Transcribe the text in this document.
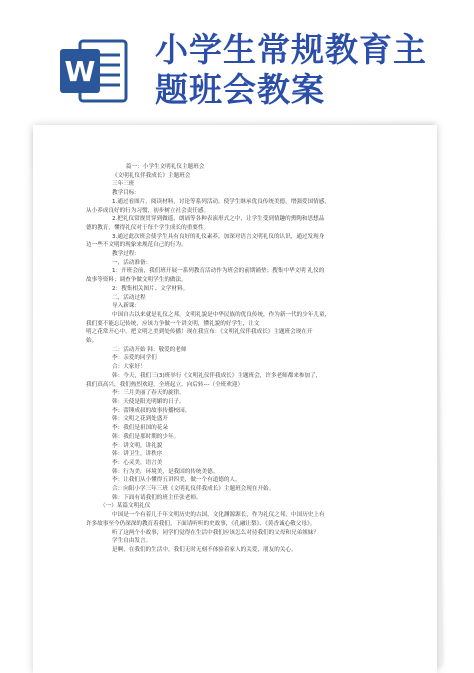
W
小学生常规教育主
题班会教案

篇一：小学生文明礼仪主题班会

《文明礼仪伴我成长》主题班会

三年三班

教学目标：

1.通过看图片，阅读材料，讨论等系列活动，使学生继承优良传统美德，增强爱国情感，

从小养成良好的行为习惯，初步树立社会责任感。

2.把礼仪常规贯穿到做遥，朗诵等各种表演形式之中，让学生受到情趣的熏陶和思想品

德的教育，懂得礼仪对于每个学生成长的重要性。

3.通过此次班会使学生具有良好的礼仪素养，加深对语言文明礼仪的认识，通过发现身

边一些不文明的现象来规范自己的行为。

教学过程：

一，活动准备：

1：开班会前，我们班开展一系列教育活动作为班会的前期铺垫；搜集中华文明 礼仪的

故事等资料；调查争做文明学生的做法。

2：搜集相关图片、文学材料。

二，活动过程

导入新课：

中国自古以来就是礼仪之邦，文明礼貌是中华民族的优良传统，作为新一代的少年儿童，

我们要不能忘记传统，应该力争做一个讲文明，懂礼貌的好学生，让文

明之花常开心中，把文明之美到处传播！现在我宣布：《文明礼仪伴我成长》主题班会现在开

始。

二：活动开始 韩：敬爱的老师

李：亲爱的同学们

合：大家好！

韩：今天，我们三(3)班举行《文明礼仪伴我成长》主题班会，许多老师都来参加了，

我们真高兴，我们热烈欢迎，全班起立，向后转---（全班欢迎）

李：三月美丽了春天的旋律。

韩：天使是阳光明媚的日子。

李：蕾锤成叔的故事传播校园。

韩：文明之花到处盛开

李：我们是祖国的花朵

韩：我们是那时期的少年。

李：讲文明，讲礼貌

韩：讲卫生，讲秩序

李：心灵美，语言美

韩：行为美，环境美，是我国的传统美德。

李：让我们从小懂得五讲四美，做一个有道德的人。

合：向阳小学三年三班《文明礼仪伴我成长》主题班会现在开始。

韩：下面有请我们的班主任张老师。

（一）某篇文明礼仪

中国是一个有着几千年文明历史的古国，文化渊源源长，作为礼仪之邦，中国历史上有

许多故事至今仍深深的教育着我们。下面请听听的史故事，《孔融让梨》、《黄香诚心敬父母》。

听了这两个小故事，同学们觉得在生活中我们应该怎么对待我们的父母和兄弟姐妹？

学生自由发言。

是啊，在我们的生活中，我们无时无刻不体验着家人的关爱，朋友的关心。
